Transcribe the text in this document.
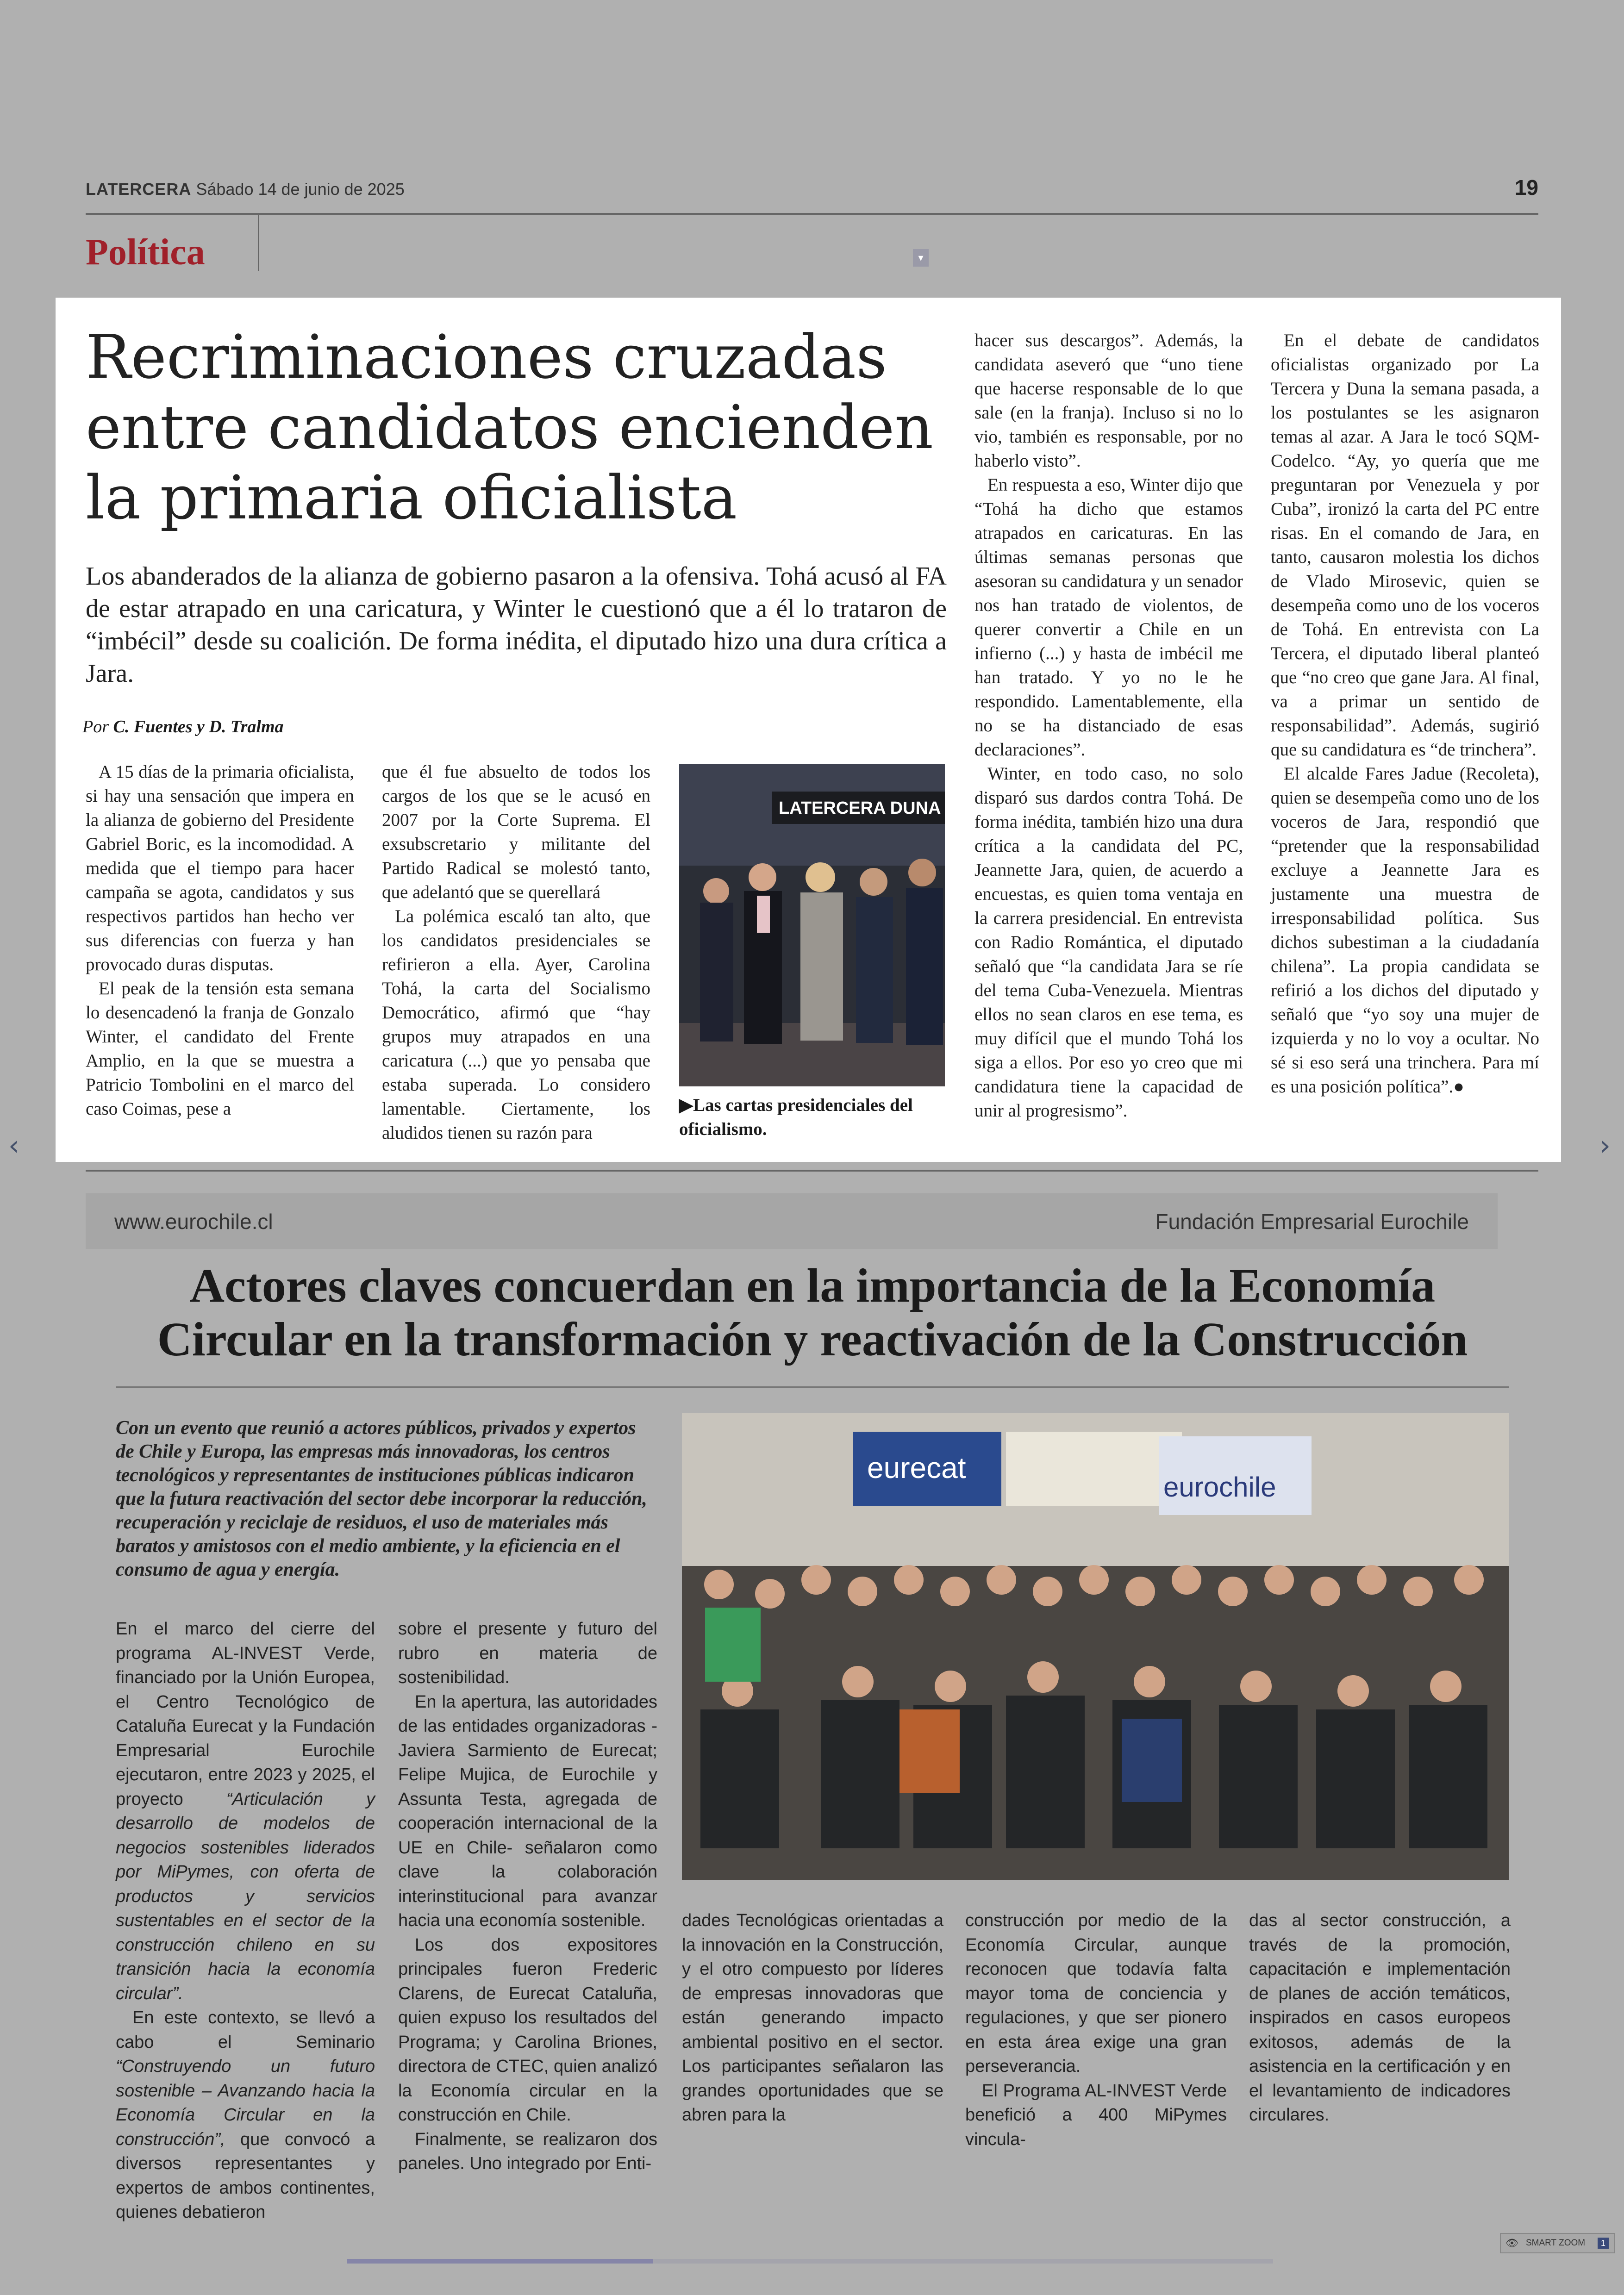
LATERCERA Sábado 14 de junio de 2025	19
Política	▾
Recriminaciones cruzadas entre candidatos encienden la primaria oficialista
Los abanderados de la alianza de gobierno pasaron a la ofensiva. Tohá acusó al FA de estar atrapado en una caricatura, y Winter le cuestionó que a él lo trataron de “imbécil” desde su coalición. De forma inédita, el diputado hizo una dura crítica a Jara.
Por C. Fuentes y D. Tralma

A 15 días de la primaria oficialista, si hay una sensación que impera en la alianza de gobierno del Presidente Gabriel Boric, es la incomodidad. A medida que el tiempo para hacer campaña se agota, candidatos y sus respectivos partidos han hecho ver sus diferencias con fuerza y han provocado duras disputas.

El peak de la tensión esta semana lo desencadenó la franja de Gonzalo Winter, el candidato del Frente Amplio, en la que se muestra a Patricio Tombolini en el marco del caso Coimas, pese a

que él fue absuelto de todos los cargos de los que se le acusó en 2007 por la Corte Suprema. El exsubscretario y militante del Partido Radical se molestó tanto, que adelantó que se querellará

La polémica escaló tan alto, que los candidatos presidenciales se refirieron a ella. Ayer, Carolina Tohá, la carta del Socialismo Democrático, afirmó que “hay grupos muy atrapados en una caricatura (...) que yo pensaba que estaba superada. Lo considero lamentable. Ciertamente, los aludidos tienen su razón para

LATERCERA DUNA
▶Las cartas presidenciales del oficialismo.

hacer sus descargos”. Además, la candidata aseveró que “uno tiene que hacerse responsable de lo que sale (en la franja). Incluso si no lo vio, también es responsable, por no haberlo visto”.

En respuesta a eso, Winter dijo que “Tohá ha dicho que estamos atrapados en caricaturas. En las últimas semanas personas que asesoran su candidatura y un senador nos han tratado de violentos, de querer convertir a Chile en un infierno (...) y hasta de imbécil me han tratado. Y yo no le he respondido. Lamentablemente, ella no se ha distanciado de esas declaraciones”.

Winter, en todo caso, no solo disparó sus dardos contra Tohá. De forma inédita, también hizo una dura crítica a la candidata del PC, Jeannette Jara, quien, de acuerdo a encuestas, es quien toma ventaja en la carrera presidencial. En entrevista con Radio Romántica, el diputado señaló que “la candidata Jara se ríe del tema Cuba-Venezuela. Mientras ellos no sean claros en ese tema, es muy difícil que el mundo Tohá los siga a ellos. Por eso yo creo que mi candidatura tiene la capacidad de unir al progresismo”.

En el debate de candidatos oficialistas organizado por La Tercera y Duna la semana pasada, a los postulantes se les asignaron temas al azar. A Jara le tocó SQM-Codelco. “Ay, yo quería que me preguntaran por Venezuela y por Cuba”, ironizó la carta del PC entre risas. En el comando de Jara, en tanto, causaron molestia los dichos de Vlado Mirosevic, quien se desempeña como uno de los voceros de Tohá. En entrevista con La Tercera, el diputado liberal planteó que “no creo que gane Jara. Al final, va a primar un sentido de responsabilidad”. Además, sugirió que su candidatura es “de trinchera”.

El alcalde Fares Jadue (Recoleta), quien se desempeña como uno de los voceros de Jara, respondió que “pretender que la responsabilidad excluye a Jeannette Jara es justamente una muestra de irresponsabilidad política. Sus dichos subestiman a la ciudadanía chilena”. La propia candidata se refirió a los dichos del diputado y señaló que “yo soy una mujer de izquierda y no lo voy a ocultar. No sé si eso será una trinchera. Para mí es una posición política”.●

www.eurochile.cl	Fundación Empresarial Eurochile
Actores claves concuerdan en la importancia de la Economía Circular en la transformación y reactivación de la Construcción
Con un evento que reunió a actores públicos, privados y expertos de Chile y Europa, las empresas más innovadoras, los centros tecnológicos y representantes de instituciones públicas indicaron que la futura reactivación del sector debe incorporar la reducción, recuperación y reciclaje de residuos, el uso de materiales más baratos y amistosos con el medio ambiente, y la eficiencia en el consumo de agua y energía.
eurecat
eurochile

En el marco del cierre del programa AL-INVEST Verde, financiado por la Unión Europea, el Centro Tecnológico de Cataluña Eurecat y la Fundación Empresarial Eurochile ejecutaron, entre 2023 y 2025, el proyecto “Articulación y desarrollo de modelos de negocios sostenibles liderados por MiPymes, con oferta de productos y servicios sustentables en el sector de la construcción chileno en su transición hacia la economía circular”.

En este contexto, se llevó a cabo el Seminario “Construyendo un futuro sostenible – Avanzando hacia la Economía Circular en la construcción”, que convocó a diversos representantes y expertos de ambos continentes, quienes debatieron

sobre el presente y futuro del rubro en materia de sostenibilidad.

En la apertura, las autoridades de las entidades organizadoras - Javiera Sarmiento de Eurecat; Felipe Mujica, de Eurochile y Assunta Testa, agregada de cooperación internacional de la UE en Chile- señalaron como clave la colaboración interinstitucional para avanzar hacia una economía sostenible.

Los dos expositores principales fueron Frederic Clarens, de Eurecat Cataluña, quien expuso los resultados del Programa; y Carolina Briones, directora de CTEC, quien analizó la Economía circular en la construcción en Chile.

Finalmente, se realizaron dos paneles. Uno integrado por Enti-

dades Tecnológicas orientadas a la innovación en la Construcción, y el otro compuesto por líderes de empresas innovadoras que están generando impacto ambiental positivo en el sector. Los participantes señalaron las grandes oportunidades que se abren para la

construcción por medio de la Economía Circular, aunque reconocen que todavía falta mayor toma de conciencia y regulaciones, y que ser pionero en esta área exige una gran perseverancia.

El Programa AL-INVEST Verde benefició a 400 MiPymes vincula-

das al sector construcción, a través de la promoción, capacitación e implementación de planes de acción temáticos, inspirados en casos europeos exitosos, además de la asistencia en la certificación y en el levantamiento de indicadores circulares.

‹	›
👁 SMART ZOOM	1
